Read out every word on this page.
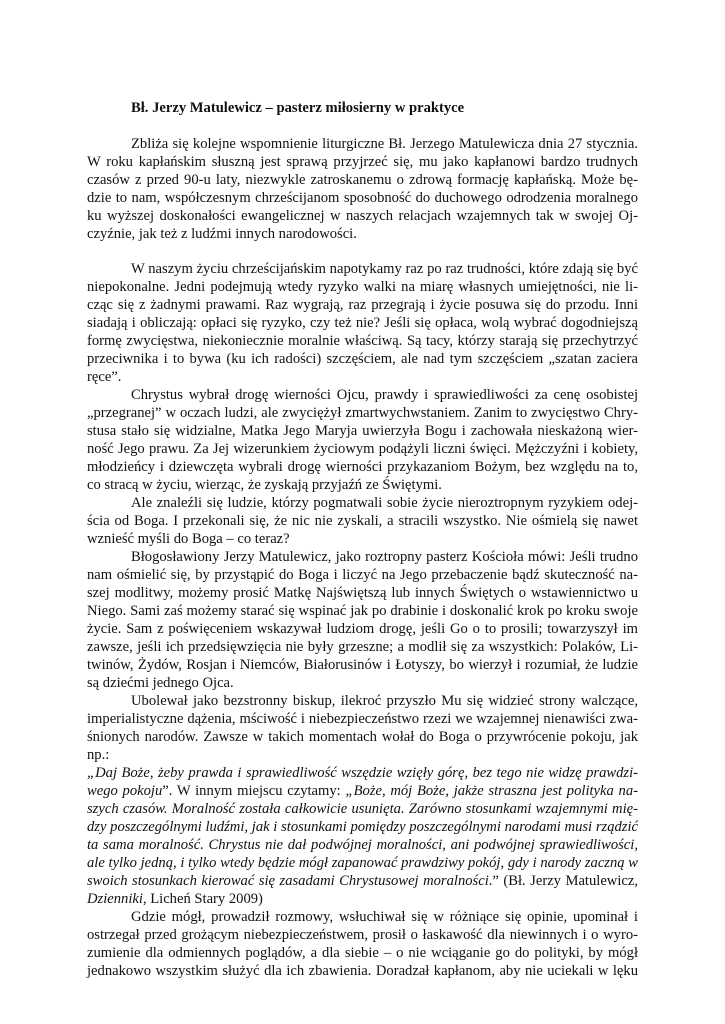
Bł. Jerzy Matulewicz – pasterz miłosierny w praktyce
Zbliża się kolejne wspomnienie liturgiczne Bł. Jerzego Matulewicza dnia 27 stycznia.
W roku kapłańskim słuszną jest sprawą przyjrzeć się, mu jako kapłanowi bardzo trudnych
czasów z przed 90-u laty, niezwykle zatroskanemu o zdrową formację kapłańską. Może bę-
dzie to nam, współczesnym chrześcijanom sposobność do duchowego odrodzenia moralnego
ku wyższej doskonałości ewangelicznej w naszych relacjach wzajemnych tak w swojej Oj-
czyźnie, jak też z ludźmi innych narodowości.
W naszym życiu chrześcijańskim napotykamy raz po raz trudności, które zdają się być
niepokonalne. Jedni podejmują wtedy ryzyko walki na miarę własnych umiejętności, nie li-
cząc się z żadnymi prawami. Raz wygrają, raz przegrają i życie posuwa się do przodu. Inni
siadają i obliczają: opłaci się ryzyko, czy też nie? Jeśli się opłaca, wolą wybrać dogodniejszą
formę zwycięstwa, niekoniecznie moralnie właściwą. Są tacy, którzy starają się przechytrzyć
przeciwnika i to bywa (ku ich radości) szczęściem, ale nad tym szczęściem „szatan zaciera
ręce”.
Chrystus wybrał drogę wierności Ojcu, prawdy i sprawiedliwości za cenę osobistej
„przegranej” w oczach ludzi, ale zwyciężył zmartwychwstaniem. Zanim to zwycięstwo Chry-
stusa stało się widzialne, Matka Jego Maryja uwierzyła Bogu i zachowała nieskażoną wier-
ność Jego prawu. Za Jej wizerunkiem życiowym podążyli liczni święci. Mężczyźni i kobiety,
młodzieńcy i dziewczęta wybrali drogę wierności przykazaniom Bożym, bez względu na to,
co stracą w życiu, wierząc, że zyskają przyjaźń ze Świętymi.
Ale znaleźli się ludzie, którzy pogmatwali sobie życie nieroztropnym ryzykiem odej-
ścia od Boga. I przekonali się, że nic nie zyskali, a stracili wszystko. Nie ośmielą się nawet
wznieść myśli do Boga – co teraz?
Błogosławiony Jerzy Matulewicz, jako roztropny pasterz Kościoła mówi: Jeśli trudno
nam ośmielić się, by przystąpić do Boga i liczyć na Jego przebaczenie bądź skuteczność na-
szej modlitwy, możemy prosić Matkę Najświętszą lub innych Świętych o wstawiennictwo u
Niego. Sami zaś możemy starać się wspinać jak po drabinie i doskonalić krok po kroku swoje
życie. Sam z poświęceniem wskazywał ludziom drogę, jeśli Go o to prosili; towarzyszył im
zawsze, jeśli ich przedsięwzięcia nie były grzeszne; a modlił się za wszystkich: Polaków, Li-
twinów, Żydów, Rosjan i Niemców, Białorusinów i Łotyszy, bo wierzył i rozumiał, że ludzie
są dziećmi jednego Ojca.
Ubolewał jako bezstronny biskup, ilekroć przyszło Mu się widzieć strony walczące,
imperialistyczne dążenia, mściwość i niebezpieczeństwo rzezi we wzajemnej nienawiści zwa-
śnionych narodów. Zawsze w takich momentach wołał do Boga o przywrócenie pokoju, jak
np.:
„Daj Boże, żeby prawda i sprawiedliwość wszędzie wzięły górę, bez tego nie widzę prawdzi-
wego pokoju”. W innym miejscu czytamy: „Boże, mój Boże, jakże straszna jest polityka na-
szych czasów. Moralność została całkowicie usunięta. Zarówno stosunkami wzajemnymi mię-
dzy poszczególnymi ludźmi, jak i stosunkami pomiędzy poszczególnymi narodami musi rządzić
ta sama moralność. Chrystus nie dał podwójnej moralności, ani podwójnej sprawiedliwości,
ale tylko jedną, i tylko wtedy będzie mógł zapanować prawdziwy pokój, gdy i narody zaczną w
swoich stosunkach kierować się zasadami Chrystusowej moralności.” (Bł. Jerzy Matulewicz,
Dzienniki, Licheń Stary 2009)
Gdzie mógł, prowadził rozmowy, wsłuchiwał się w różniące się opinie, upominał i
ostrzegał przed grożącym niebezpieczeństwem, prosił o łaskawość dla niewinnych i o wyro-
zumienie dla odmiennych poglądów, a dla siebie – o nie wciąganie go do polityki, by mógł
jednakowo wszystkim służyć dla ich zbawienia. Doradzał kapłanom, aby nie uciekali w lęku
